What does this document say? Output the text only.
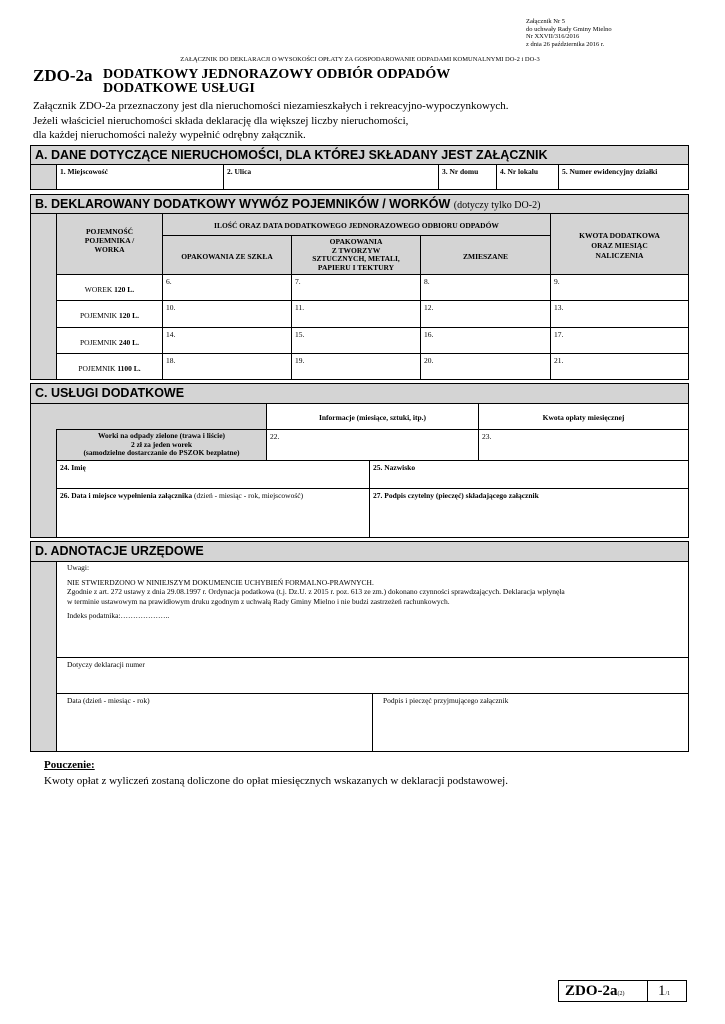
Załącznik Nr 5
do uchwały Rady Gminy Mielno
Nr XXVII/316/2016
z dnia 26 października 2016 r.
ZAŁĄCZNIK DO DEKLARACJI O WYSOKOŚCI OPŁATY ZA GOSPODAROWANIE ODPADAMI KOMUNALNYMI DO-2 i DO-3
ZDO-2a DODATKOWY JEDNORAZOWY ODBIÓR ODPADÓW
DODATKOWE USŁUGI
Załącznik ZDO-2a przeznaczony jest dla nieruchomości niezamieszkałych i rekreacyjno-wypoczynkowych.
Jeżeli właściciel nieruchomości składa deklarację dla większej liczby nieruchomości,
dla każdej nieruchomości należy wypełnić odrębny załącznik.
A. DANE DOTYCZĄCE NIERUCHOMOŚCI, DLA KTÓREJ SKŁADANY JEST ZAŁĄCZNIK
1. Miejscowość	2. Ulica	3. Nr domu	4. Nr lokalu	5. Numer ewidencyjny działki
B. DEKLAROWANY DODATKOWY WYWÓZ POJEMNIKÓW / WORKÓW (dotyczy tylko DO-2)
POJEMNOŚĆ
POJEMNIKA /
WORKA
ILOŚĆ ORAZ DATA DODATKOWEGO JEDNORAZOWEGO ODBIORU ODPADÓW
OPAKOWANIA ZE SZKŁA
OPAKOWANIA
Z TWORZYW
SZTUCZNYCH, METALI,
PAPIERU I TEKTURY
ZMIESZANE
KWOTA DODATKOWA
ORAZ MIESIĄC
NALICZENIA
WOREK 120 L.
6.	7.	8.	9.
POJEMNIK 120 L.
10.	11.	12.	13.
POJEMNIK 240 L.
14.	15.	16.	17.
POJEMNIK 1100 L.
18.	19.	20.	21.
C. USŁUGI DODATKOWE
Informacje (miesiące, sztuki, itp.)	Kwota opłaty miesięcznej
Worki na odpady zielone (trawa i liście)
2 zł za jeden worek
(samodzielne dostarczanie do PSZOK bezpłatne)
22.	23.
24. Imię	25. Nazwisko
26. Data i miejsce wypełnienia załącznika (dzień - miesiąc - rok, miejscowość)	27. Podpis czytelny (pieczęć) składającego załącznik
D. ADNOTACJE URZĘDOWE
Uwagi:
NIE STWIERDZONO W NINIEJSZYM DOKUMENCIE UCHYBIEŃ FORMALNO-PRAWNYCH.
Zgodnie z art. 272 ustawy z dnia 29.08.1997 r. Ordynacja podatkowa (t.j. Dz.U. z 2015 r. poz. 613 ze zm.) dokonano czynności sprawdzających. Deklaracja wpłynęła
w terminie ustawowym na prawidłowym druku zgodnym z uchwałą Rady Gminy Mielno i nie budzi zastrzeżeń rachunkowych.
Indeks podatnika:………………..
Dotyczy deklaracji numer
Data (dzień - miesiąc - rok)	Podpis i pieczęć przyjmującego załącznik
Pouczenie:
Kwoty opłat z wyliczeń zostaną doliczone do opłat miesięcznych wskazanych w deklaracji podstawowej.
ZDO-2a(2)	1/1
